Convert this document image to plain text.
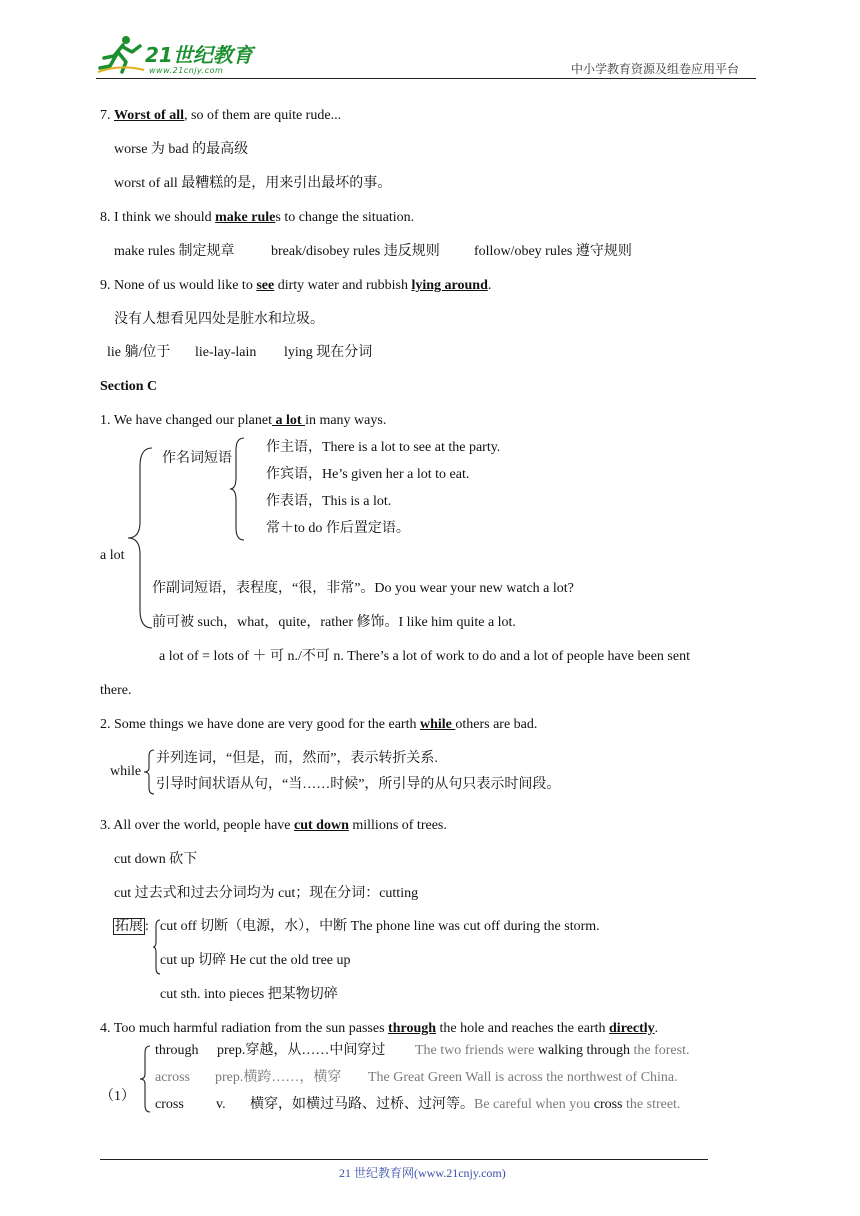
21世纪教育
www.21cnjy.com	中小学教育资源及组卷应用平台
7. Worst of all, so of them are quite rude...
worse 为 bad 的最高级
worst of all 最糟糕的是，用来引出最坏的事。
8. I think we should make rules to change the situation.
make rules 制定规章	break/disobey rules 违反规则 follow/obey rules 遵守规则
9. None of us would like to see dirty water and rubbish lying around.
没有人想看见四处是脏水和垃圾。
lie 躺/位于 lie-lay-lain lying 现在分词
Section C
1. We have changed our planet a lot in many ways.
作名词短语
作主语，There is a lot to see at the party.
作宾语，He’s given her a lot to eat.
作表语，This is a lot.
常＋to do 作后置定语。
a lot
作副词短语，表程度，“很，非常”。Do you wear your new watch a lot?
前可被 such，what，quite，rather 修饰。I like him quite a lot.
a lot of = lots of ＋ 可 n./不可 n. There’s a lot of work to do and a lot of people have been sent
there.
2. Some things we have done are very good for the earth while others are bad.
while
并列连词，“但是，而，然而”，表示转折关系.
引导时间状语从句，“当……时候”，所引导的从句只表示时间段。
3. All over the world, people have cut down millions of trees.
cut down 砍下
cut 过去式和过去分词均为 cut；现在分词：cutting
拓展 : cut off 切断（电源，水），中断 The phone line was cut off during the storm.
cut up 切碎 He cut the old tree up
cut sth. into pieces 把某物切碎
4. Too much harmful radiation from the sun passes through the hole and reaches the earth directly.
（1）
through prep.穿越，从……中间穿过 The two friends were walking through the forest.
across prep.横跨……，横穿 The Great Green Wall is across the northwest of China.
cross v. 横穿，如横过马路、过桥、过河等。Be careful when you cross the street.
21 世纪教育网(www.21cnjy.com)
